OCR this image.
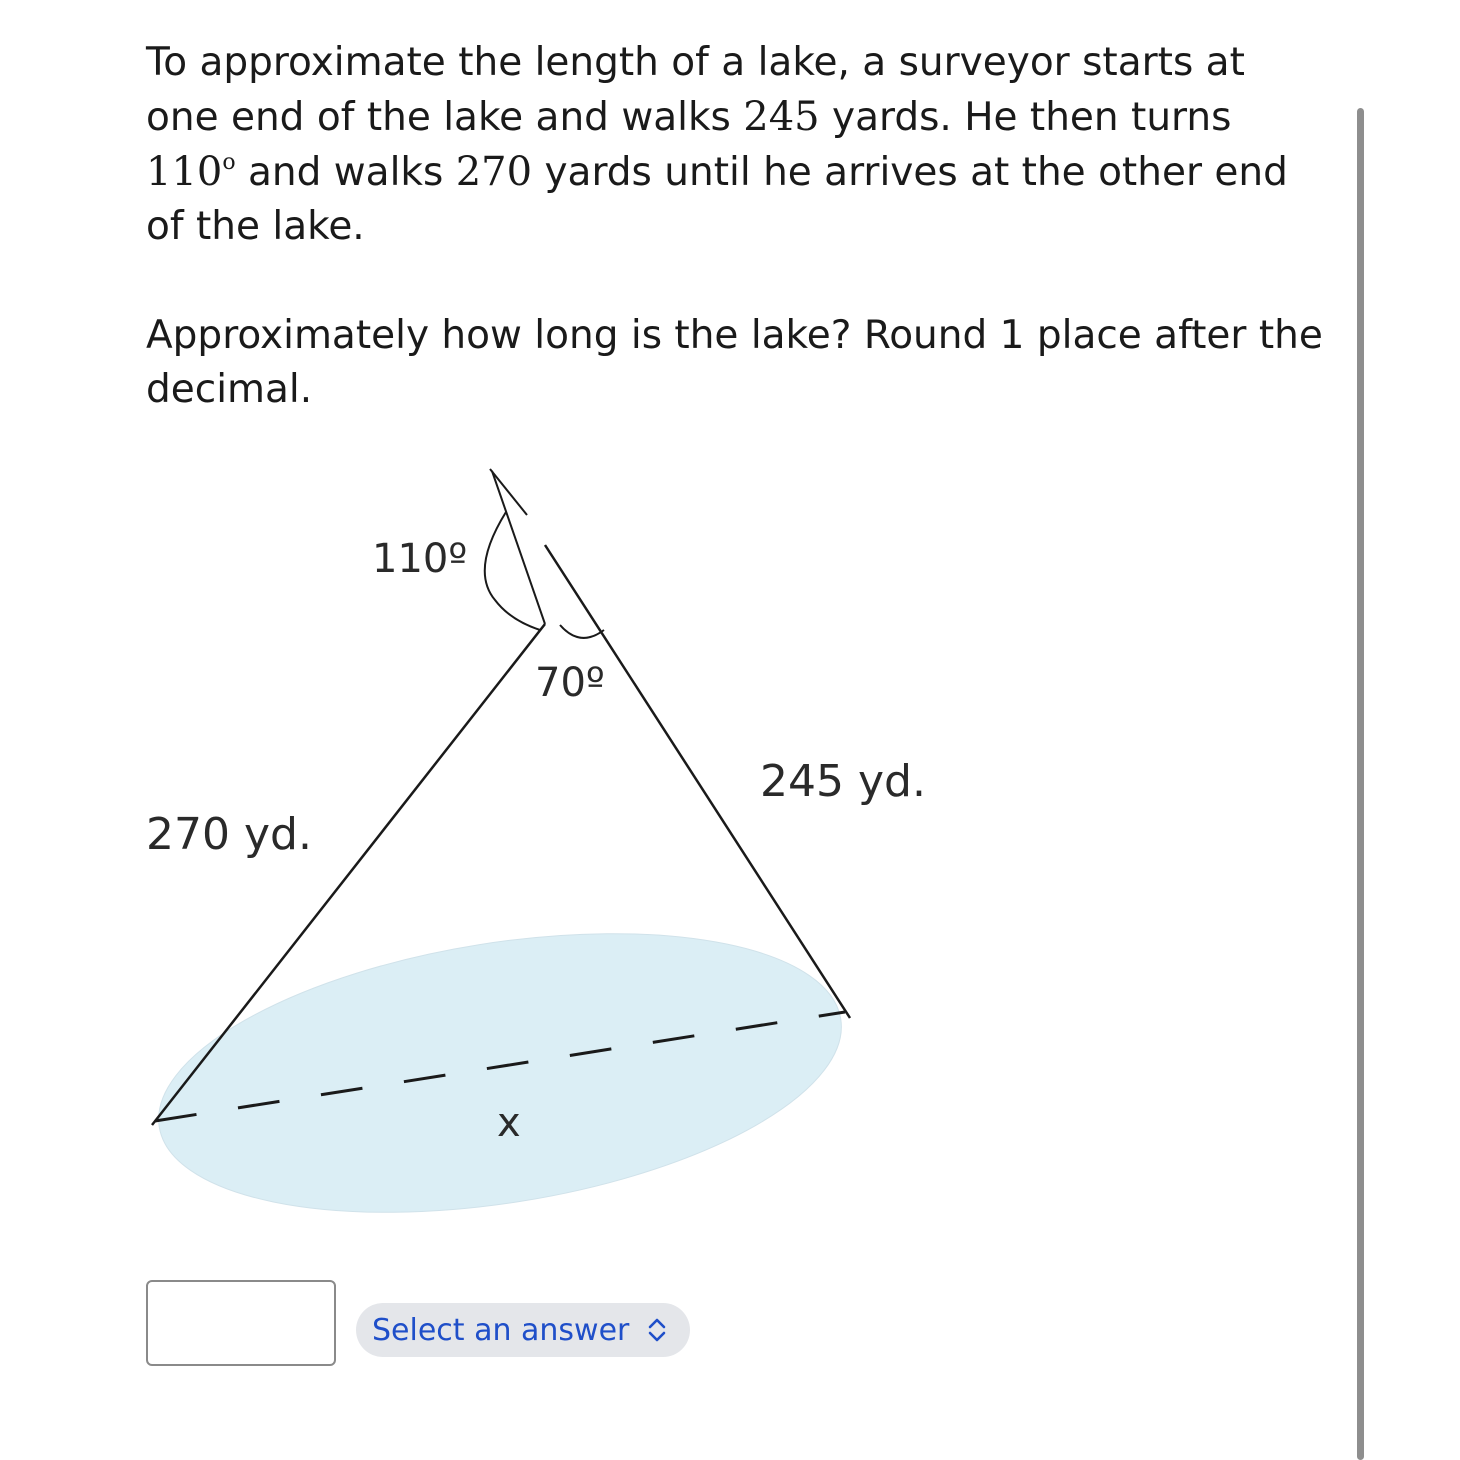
To approximate the length of a lake, a surveyor starts at one end of the lake and walks 245 yards. He then turns 110$^o$ and walks 270 yards until he arrives at the other end of the lake.

Approximately how long is the lake? Round 1 place after the decimal.

110º
70º
270 yd.
245 yd.
x
Select an answer
